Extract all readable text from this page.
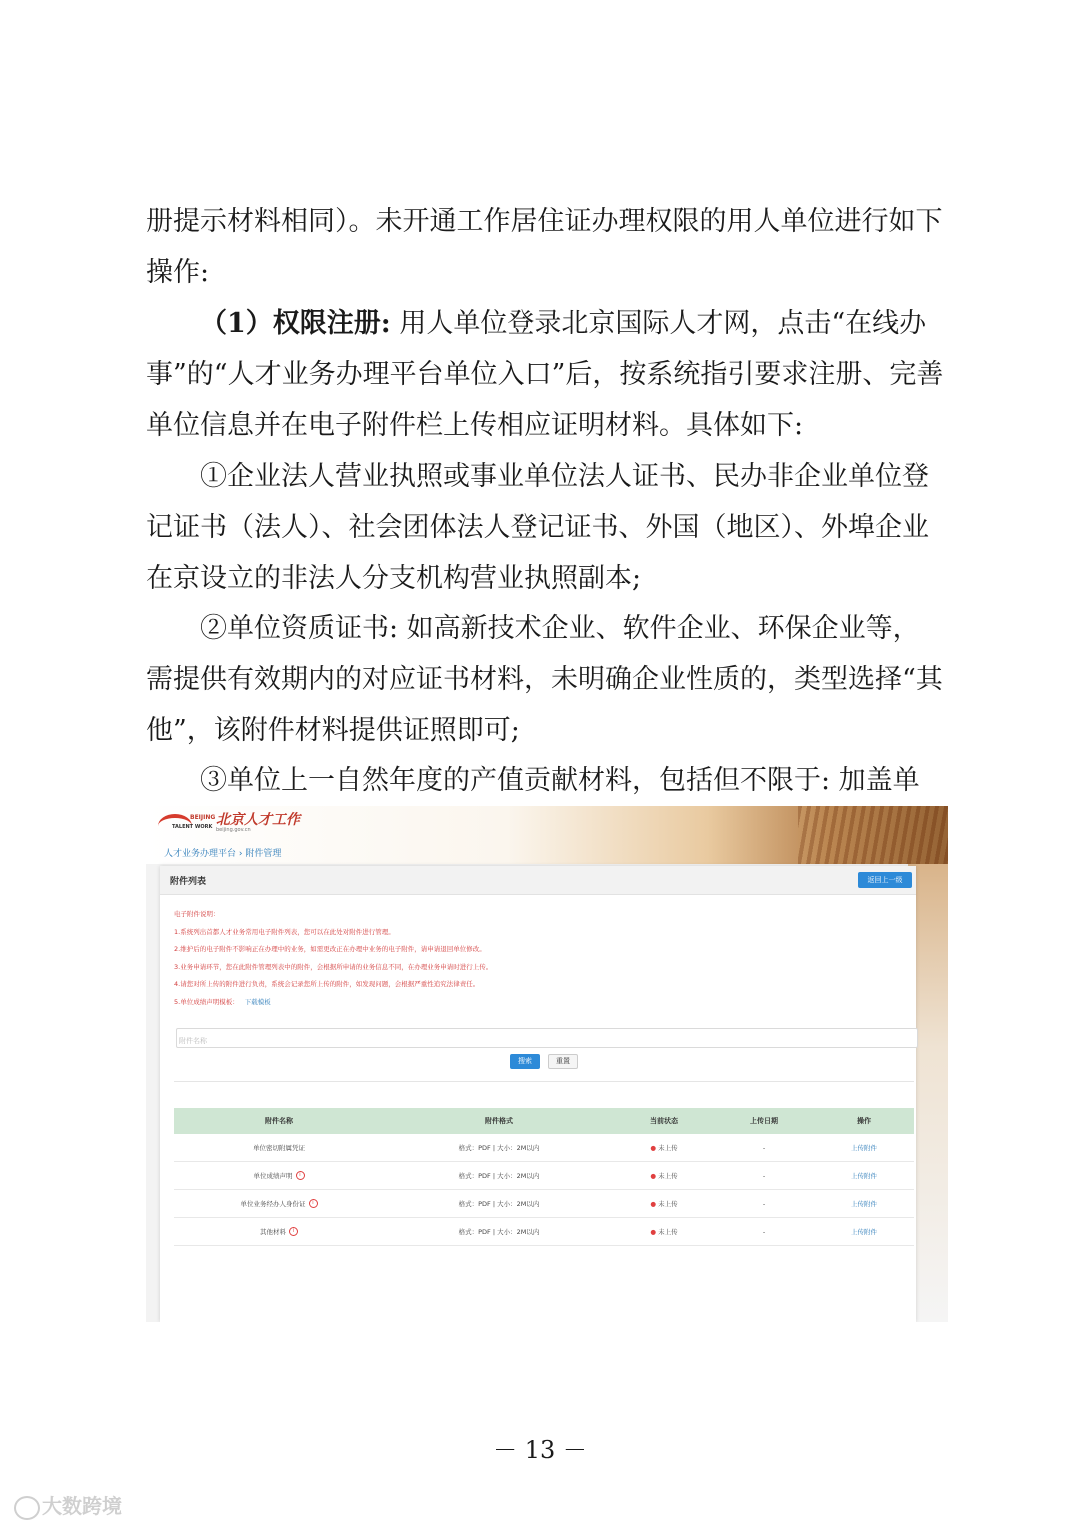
册提示材料相同）。未开通工作居住证办理权限的用人单位进行如下操作:

（1）权限注册: 用人单位登录北京国际人才网，点击“在线办事”的“人才业务办理平台单位入口”后，按系统指引要求注册、完善单位信息并在电子附件栏上传相应证明材料。具体如下:

①企业法人营业执照或事业单位法人证书、民办非企业单位登记证书（法人）、社会团体法人登记证书、外国（地区）、外埠企业在京设立的非法人分支机构营业执照副本;

②单位资质证书: 如高新技术企业、软件企业、环保企业等，需提供有效期内的对应证书材料，未明确企业性质的，类型选择“其他”，该附件材料提供证照即可;

③单位上一自然年度的产值贡献材料，包括但不限于: 加盖单

BEIJING
TALENT WORK 北京人才工作
beijing.gov.cn
人才业务办理平台 › 附件管理
附件列表	返回上一级
电子附件说明：
1.系统列出首都人才业务常用电子附件列表，您可以在此处对附件进行管理。
2.维护后的电子附件不影响正在办理中的业务，如需更改正在办理中业务的电子附件，请申请退回单位修改。
3.业务申请环节，您在此附件管理列表中的附件，会根据所申请的业务信息不同，在办理业务申请时进行上传。
4.请您对所上传的附件进行负责，系统会记录您所上传的附件，如发现问题，会根据严重性追究法律责任。
5.单位成绩声明模板： 下载模板
附件名称
搜索	重置
附件名称	附件格式	当前状态	上传日期	操作
单位密切附属凭证	格式：PDF | 大小：2M以内	● 未上传	-	上传附件
单位成绩声明	i	格式：PDF | 大小：2M以内	● 未上传	-	上传附件
单位业务经办人身份证	i	格式：PDF | 大小：2M以内	● 未上传	-	上传附件
其他材料	i	格式：PDF | 大小：2M以内	● 未上传	-	上传附件
－ 13 －
大数跨境
